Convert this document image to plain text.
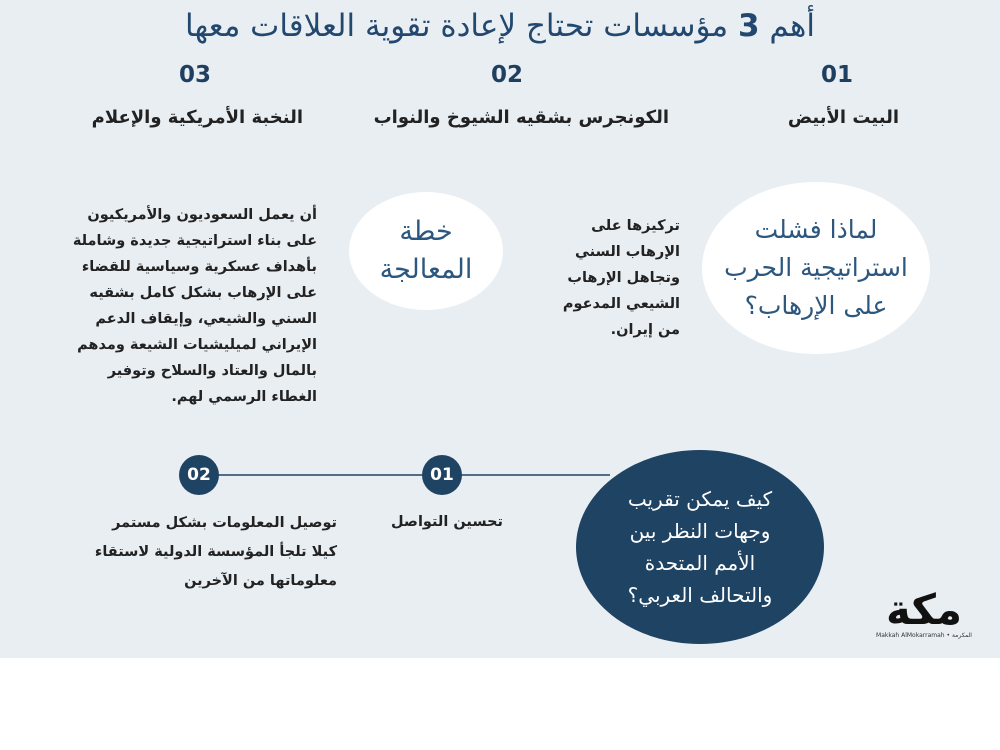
أهم 3 مؤسسات تحتاج لإعادة تقوية العلاقات معها
01
02
03
البيت الأبيض
الكونجرس بشقيه الشيوخ والنواب
النخبة الأمريكية والإعلام
لماذا فشلت
استراتيجية الحرب
على الإرهاب؟
تركيزها على
الإرهاب السني
وتجاهل الإرهاب
الشيعي المدعوم
من إيران.
خطة
المعالجة
أن يعمل السعوديون والأمريكيون
على بناء استراتيجية جديدة وشاملة
بأهداف عسكرية وسياسية للقضاء
على الإرهاب بشكل كامل بشقيه
السني والشيعي، وإيقاف الدعم
الإيراني لميليشيات الشيعة ومدهم
بالمال والعتاد والسلاح وتوفير
الغطاء الرسمي لهم.
02	01
تحسين التواصل
توصيل المعلومات بشكل مستمر
كيلا تلجأ المؤسسة الدولية لاستقاء
معلوماتها من الآخرين
كيف يمكن تقريب
وجهات النظر بين
الأمم المتحدة
والتحالف العربي؟	مكة
Makkah AlMokarramah • المكرمة
